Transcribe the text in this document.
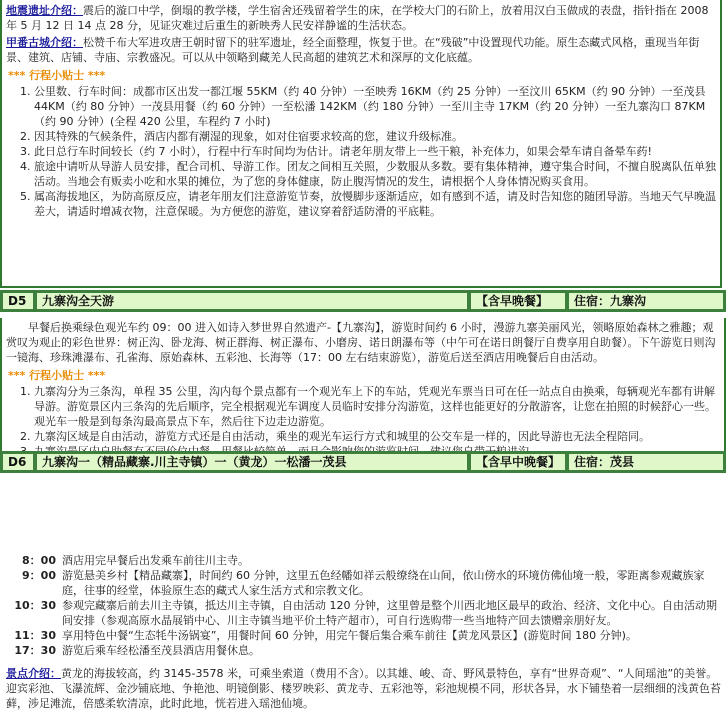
地震遗址介绍：震后的漩口中学，倒塌的教学楼，学生宿舍还残留着学生的床，在学校大门的石阶上，放着用汉白玉做成的表盘，指针指在 2008 年 5 月 12 日 14 点 28 分，见证灾难过后重生的新映秀人民安祥静谧的生活状态。
甲番古城介绍：松赞千布大军进攻唐王朝时留下的驻军遗址，经全面整理，恢复于世。在“残破”中设置现代功能。原生态藏式风格，重现当年街景、建筑、店铺、寺庙、宗教盛况。可以从中领略到藏羌人民高超的建筑艺术和深厚的文化底蕴。
*** 行程小贴士 ***
1. 公里数、行车时间：成都市区出发一都江堰 55KM（约 40 分钟）一至映秀 16KM（约 25 分钟）一至汶川 65KM（约 90 分钟）一至茂县 44KM（约 80 分钟）一茂县用餐（约 60 分钟）一至松潘 142KM（约 180 分钟）一至川主寺 17KM（约 20 分钟）一至九寨沟口 87KM（约 90 分钟）(全程 420 公里，车程约 7 小时)
2. 因其特殊的气候条件，酒店内都有潮湿的现象，如对住宿要求较高的您，建议升级标准。
3. 此日总行车时间较长（约 7 小时），行程中行车时间均为估计。请老年朋友带上一些干粮，补充体力，如果会晕车请自备晕车药!
4. 旅途中请听从导游人员安排，配合司机、导游工作。团友之间相互关照，少数服从多数。要有集体精神，遵守集合时间，不擅自脱离队伍单独活动。当地会有贩卖小吃和水果的摊位，为了您的身体健康，防止腹泻情况的发生，请根据个人身体情况购买食用。
5. 属高海拔地区，为防高原反应，请老年朋友们注意游览节奏，放慢脚步逐渐适应，如有感到不适，请及时告知您的随团导游。当地天气早晚温差大，请适时增减衣物，注意保暖。为方便您的游览，建议穿着舒适防滑的平底鞋。
D5	九寨沟全天游	【含早晚餐】	住宿：九寨沟
早餐后换乘绿色观光车约 09：00 进入如诗入梦世界自然遗产-【九寨沟】，游览时间约 6 小时，漫游九寨美丽风光，领略原始森林之雅趣；观赏叹为观止的彩色世界：树正沟、卧龙海、树正群海、树正瀑布、小磨房、诺日朗瀑布等（中午可在诺日朗餐厅自费享用自助餐）。下午游览日则沟一镜海、珍珠滩瀑布、孔雀海、原始森林、五彩池、长海等（17：00 左右结束游览），游览后送至酒店用晚餐后自由活动。
*** 行程小贴士 ***
1. 九寨沟分为三条沟，单程 35 公里，沟内每个景点都有一个观光车上下的车站，凭观光车票当日可在任一站点自由换乘，每辆观光车都有讲解导游。游览景区内三条沟的先后顺序，完全根据观光车调度人员临时安排分沟游览，这样也能更好的分散游客，让您在拍照的时候舒心一些。观光车一般是到每条沟最高景点下车，然后往下边走边游览。
2. 九寨沟区域是自由活动，游览方式还是自由活动，乘坐的观光车运行方式和城里的公交车是一样的，因此导游也无法全程陪同。
3.
D6	九寨沟一（精品藏寨.川主寺镇）一（黄龙）一松潘一茂县	【含早中晚餐】	住宿：茂县
8：00 酒店用完早餐后出发乘车前往川主寺。
9：00 游览悬美乡村【精品藏寨】，时间约 60 分钟，这里五色经幡如祥云般缭绕在山间，依山傍水的环境仿佛仙境一般，零距离参观藏族家庭，往事的经堂，体验原生态的藏式人家生活方式和宗教文化。
10：30 参观完藏寨后前去川主寺镇，抵达川主寺镇，自由活动 120 分钟，这里曾是整个川西北地区最早的政治、经济、文化中心。自由活动期间安排（参观高原水晶展销中心、川主寺镇当地平价土特产超市），可自行选购带一些当地特产回去馈赠亲朋好友。
11：30 享用特色中餐“生态牦牛汤锅宴”，用餐时间 60 分钟，用完午餐后集合乘车前往【黄龙风景区】(游览时间 180 分钟)。
17：30 游览后乘车经松潘至茂县酒店用餐休息。
景点介绍：黄龙的海拔较高，约 3145-3578 米，可乘坐索道（费用不含）。以其雄、峻、奇、野风景特色，享有“世界奇观”、“人间瑶池”的美誉。迎宾彩池、飞瀑流辉、金沙铺底地、争艳池、明镜倒影、楼罗映彩、黄龙寺、五彩池等，彩池规模不同，形状各异，水下铺垫着一层细细的浅黄色苔藓，涉足滩流，倍感柔软清凉，此时此地，恍若进入瑶池仙境。
